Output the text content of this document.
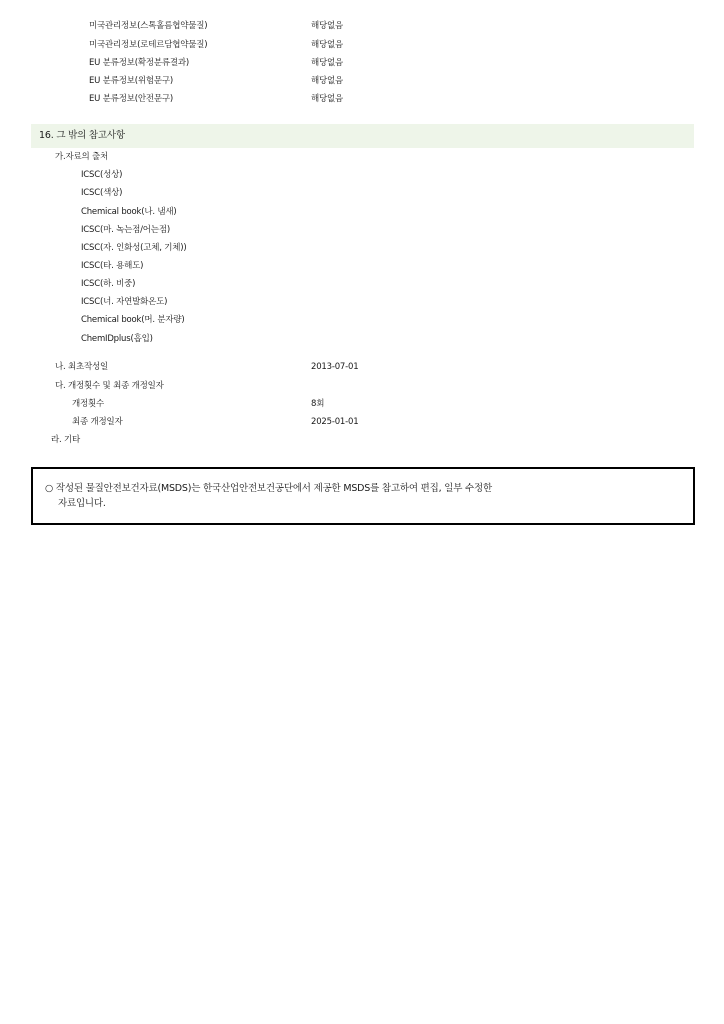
미국관리정보(스톡홀름협약물질)	해당없음
미국관리정보(로테르담협약물질)	해당없음
EU 분류정보(확정분류결과)	해당없음
EU 분류정보(위험문구)	해당없음
EU 분류정보(안전문구)	해당없음
16. 그 밖의 참고사항
가.자료의 출처
ICSC(성상)
ICSC(색상)
Chemical book(나. 냄새)
ICSC(마. 녹는점/어는점)
ICSC(자. 인화성(고체, 기체))
ICSC(타. 용해도)
ICSC(하. 비중)
ICSC(너. 자연발화온도)
Chemical book(머. 분자량)
ChemIDplus(흡입)
나. 최초작성일	2013-07-01
다. 개정횟수 및 최종 개정일자
개정횟수	8회
최종 개정일자	2025-01-01
라. 기타
○ 작성된 물질안전보건자료(MSDS)는 한국산업안전보건공단에서 제공한 MSDS를 참고하여 편집, 일부 수정한
자료입니다.
